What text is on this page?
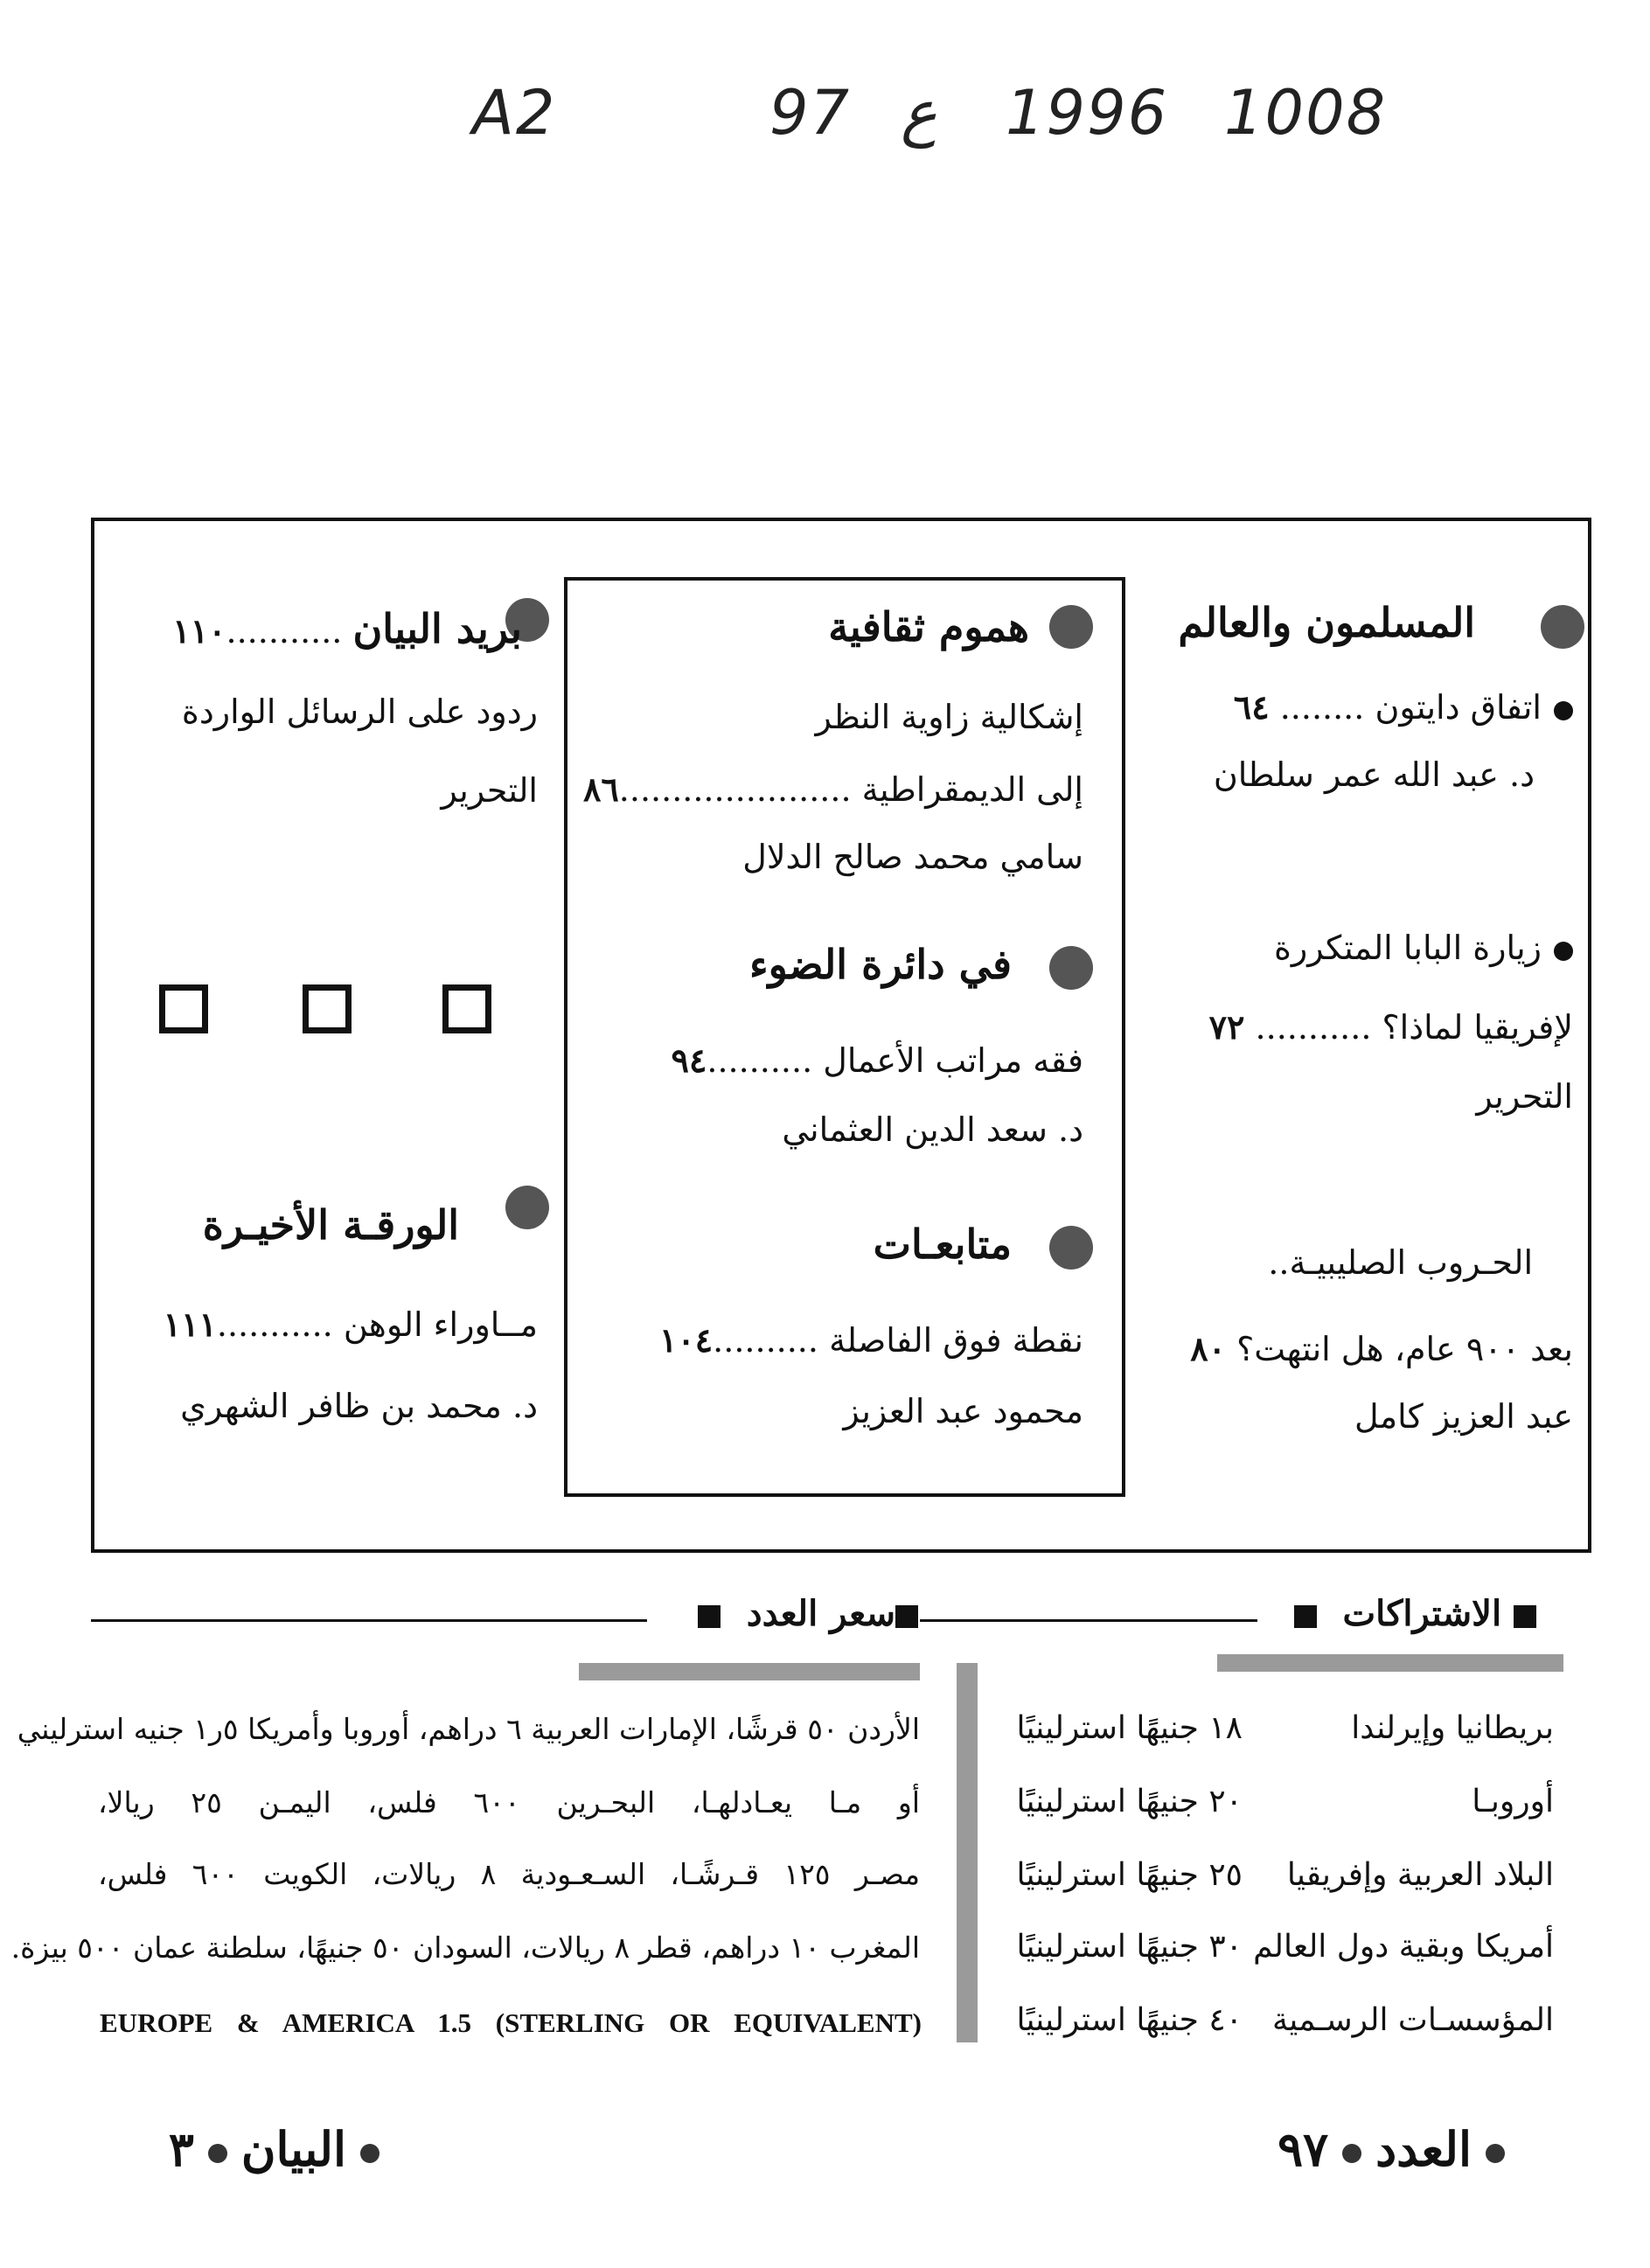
A2	97 ع 1996 1008
المسلمون والعالم
اتفاق دايتون ........ ٦٤
د. عبد الله عمر سلطان
زيارة البابا المتكررة
لإفريقيا لماذا؟ ........... ٧٢
التحرير
الحـروب الصليبيـة..
بعد ٩٠٠ عام، هل انتهت؟ ٨٠
عبد العزيز كامل
هموم ثقافية
إشكالية زاوية النظر
إلى الديمقراطية ......................٨٦
سامي محمد صالح الدلال
في دائرة الضوء
فقه مراتب الأعمال ..........٩٤
د. سعد الدين العثماني
متابعـات
نقطة فوق الفاصلة ..........١٠٤
محمود عبد العزيز
بريد البيان ...........١١٠
ردود على الرسائل الواردة
التحرير
الورقـة الأخيـرة
مــاوراء الوهن ...........١١١
د. محمد بن ظافر الشهري
الاشتراكات
سعر العدد
بريطانيا وإيرلندا
١٨ جنيهًا استرلينيًا
أوروبـا
٢٠ جنيهًا استرلينيًا
البلاد العربية وإفريقيا
٢٥ جنيهًا استرلينيًا
أمريكا وبقية دول العالم
٣٠ جنيهًا استرلينيًا
المؤسسـات الرسـمية
٤٠ جنيهًا استرلينيًا
الأردن ٥٠ قرشًا، الإمارات العربية ٦ دراهم، أوروبا وأمريكا ٥ر١ جنيه استرليني
أو مـا يعـادلهـا، البحـرين ٦٠٠ فلس، اليمـن ٢٥ ريالا،
مصـر ١٢٥ قـرشًـا، السـعـودية ٨ ريالات، الكويت ٦٠٠ فلس،
المغرب ١٠ دراهم، قطر ٨ ريالات، السودان ٥٠ جنيهًا، سلطنة عمان ٥٠٠ بيزة.
EUROPE & AMERICA 1.5 (STERLING OR EQUIVALENT)
العدد٩٧
البيان٣
